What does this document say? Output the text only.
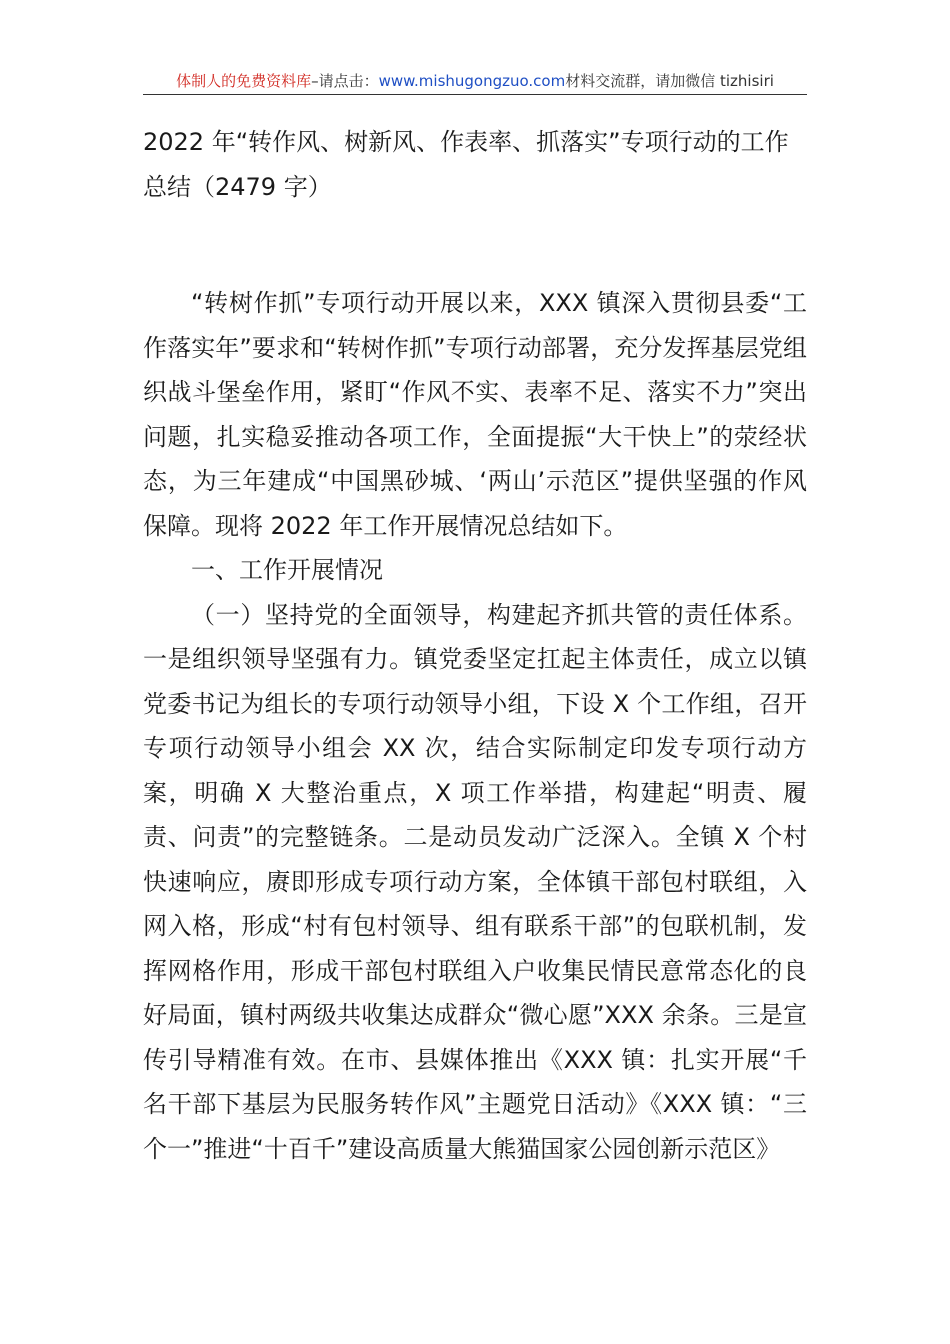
体制人的免费资料库–请点击：www.mishugongzuo.com材料交流群，请加微信 tizhisiri
2022 年“转作风、树新风、作表率、抓落实”专项行动的工作总结（2479 字）

“转树作抓”专项行动开展以来，XXX 镇深入贯彻县委“工作落实年”要求和“转树作抓”专项行动部署，充分发挥基层党组织战斗堡垒作用，紧盯“作风不实、表率不足、落实不力”突出问题，扎实稳妥推动各项工作，全面提振“大干快上”的荥经状态，为三年建成“中国黑砂城、‘两山’示范区”提供坚强的作风保障。现将 2022 年工作开展情况总结如下。

一、工作开展情况

（一）坚持党的全面领导，构建起齐抓共管的责任体系。一是组织领导坚强有力。镇党委坚定扛起主体责任，成立以镇党委书记为组长的专项行动领导小组，下设 X 个工作组，召开专项行动领导小组会 XX 次，结合实际制定印发专项行动方案，明确 X 大整治重点，X 项工作举措，构建起“明责、履责、问责”的完整链条。二是动员发动广泛深入。全镇 X 个村快速响应，赓即形成专项行动方案，全体镇干部包村联组，入网入格，形成“村有包村领导、组有联系干部”的包联机制，发挥网格作用，形成干部包村联组入户收集民情民意常态化的良好局面，镇村两级共收集达成群众“微心愿”XXX 余条。三是宣传引导精准有效。在市、县媒体推出《XXX 镇：扎实开展“千名干部下基层为民服务转作风”主题党日活动》《XXX 镇：“三个一”推进“十百千”建设高质量大熊猫国家公园创新示范区》
